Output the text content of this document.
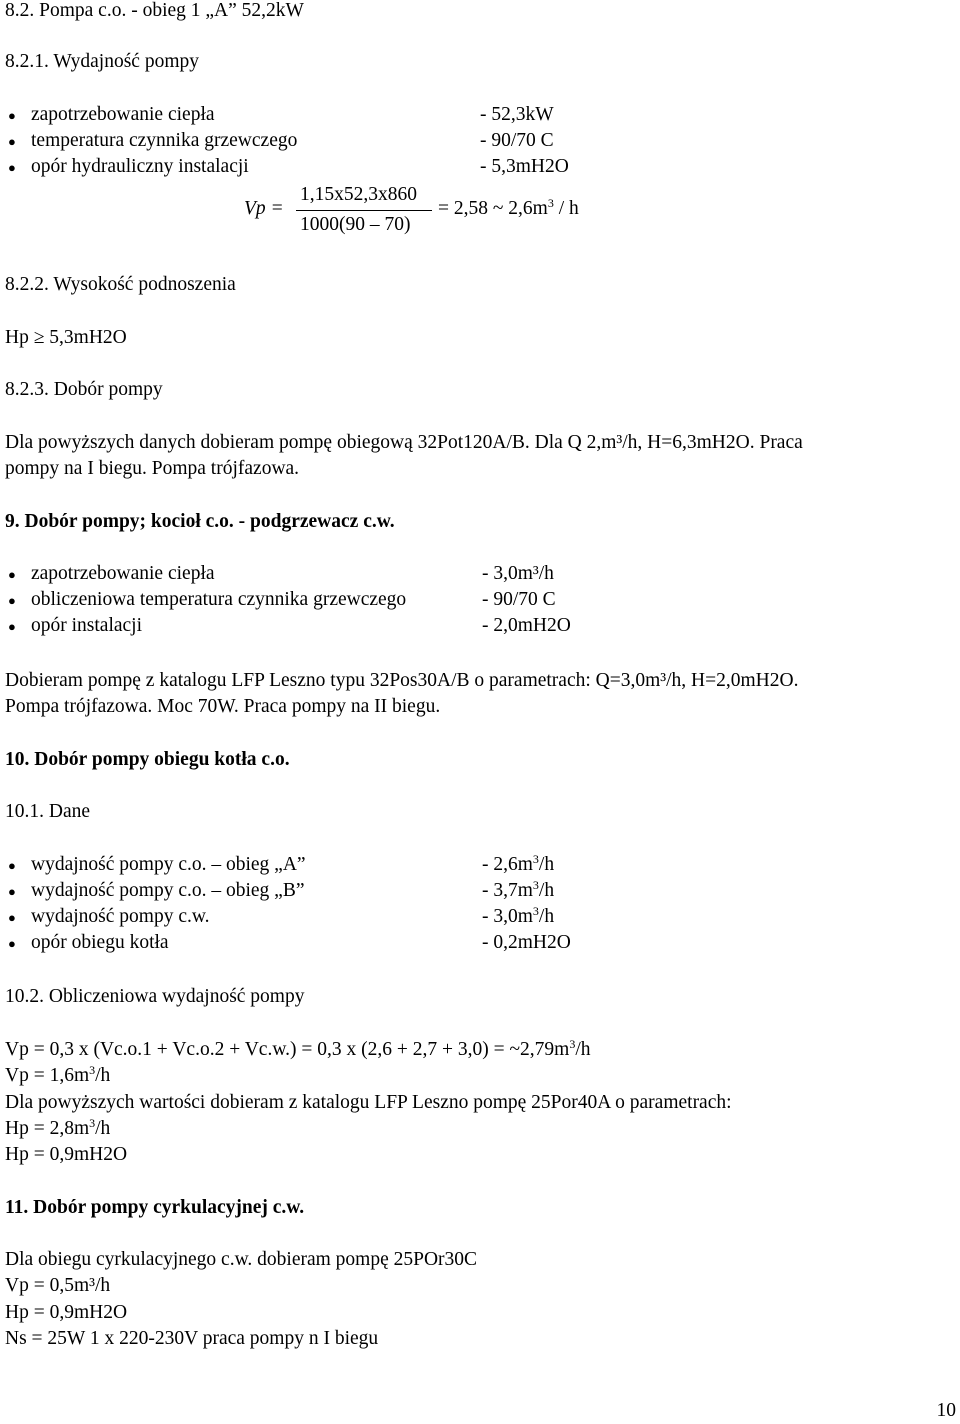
8.2. Pompa c.o. - obieg 1 „A” 52,2kW
8.2.1. Wydajność pompy
● zapotrzebowanie ciepła	- 52,3kW
● temperatura czynnika grzewczego	- 90/70 C
● opór hydrauliczny instalacji	- 5,3mH2O
Vp =
1,15x52,3x860
1000(90 – 70)
= 2,58 ~ $2,6m^3$ / h
8.2.2. Wysokość podnoszenia
Hp ≥ 5,3mH2O
8.2.3. Dobór pompy
Dla powyższych danych dobieram pompę obiegową 32Pot120A/B. Dla Q 2,m³/h, H=6,3mH2O. Praca
pompy na I biegu. Pompa trójfazowa.
9. Dobór pompy; kocioł c.o. - podgrzewacz c.w.
● zapotrzebowanie ciepła	- 3,0m³/h
● obliczeniowa temperatura czynnika grzewczego	- 90/70 C
● opór instalacji	- 2,0mH2O
Dobieram pompę z katalogu LFP Leszno typu 32Pos30A/B o parametrach: Q=3,0m³/h, H=2,0mH2O.
Pompa trójfazowa. Moc 70W. Praca pompy na II biegu.
10. Dobór pompy obiegu kotła c.o.
10.1. Dane
● wydajność pompy c.o. – obieg „A”	- $2,6m^3/h$
● wydajność pompy c.o. – obieg „B”	- $3,7m^3/h$
● wydajność pompy c.w.	- $3,0m^3/h$
● opór obiegu kotła	- 0,2mH2O
10.2. Obliczeniowa wydajność pompy
Vp = 0,3 x (Vc.o.1 + Vc.o.2 + Vc.w.) = 0,3 x $(2,6 + 2,7 + 3,0) = \sim 2,79m^3/h$
$Vp = 1,6m^3/h$
Dla powyższych wartości dobieram z katalogu LFP Leszno pompę 25Por40A o parametrach:
$Hp = 2,8m^3/h$
Hp = 0,9mH2O
11. Dobór pompy cyrkulacyjnej c.w.
Dla obiegu cyrkulacyjnego c.w. dobieram pompę 25POr30C
Vp = 0,5m³/h
Hp = 0,9mH2O
Ns = 25W 1 x 220-230V praca pompy n I biegu
10
